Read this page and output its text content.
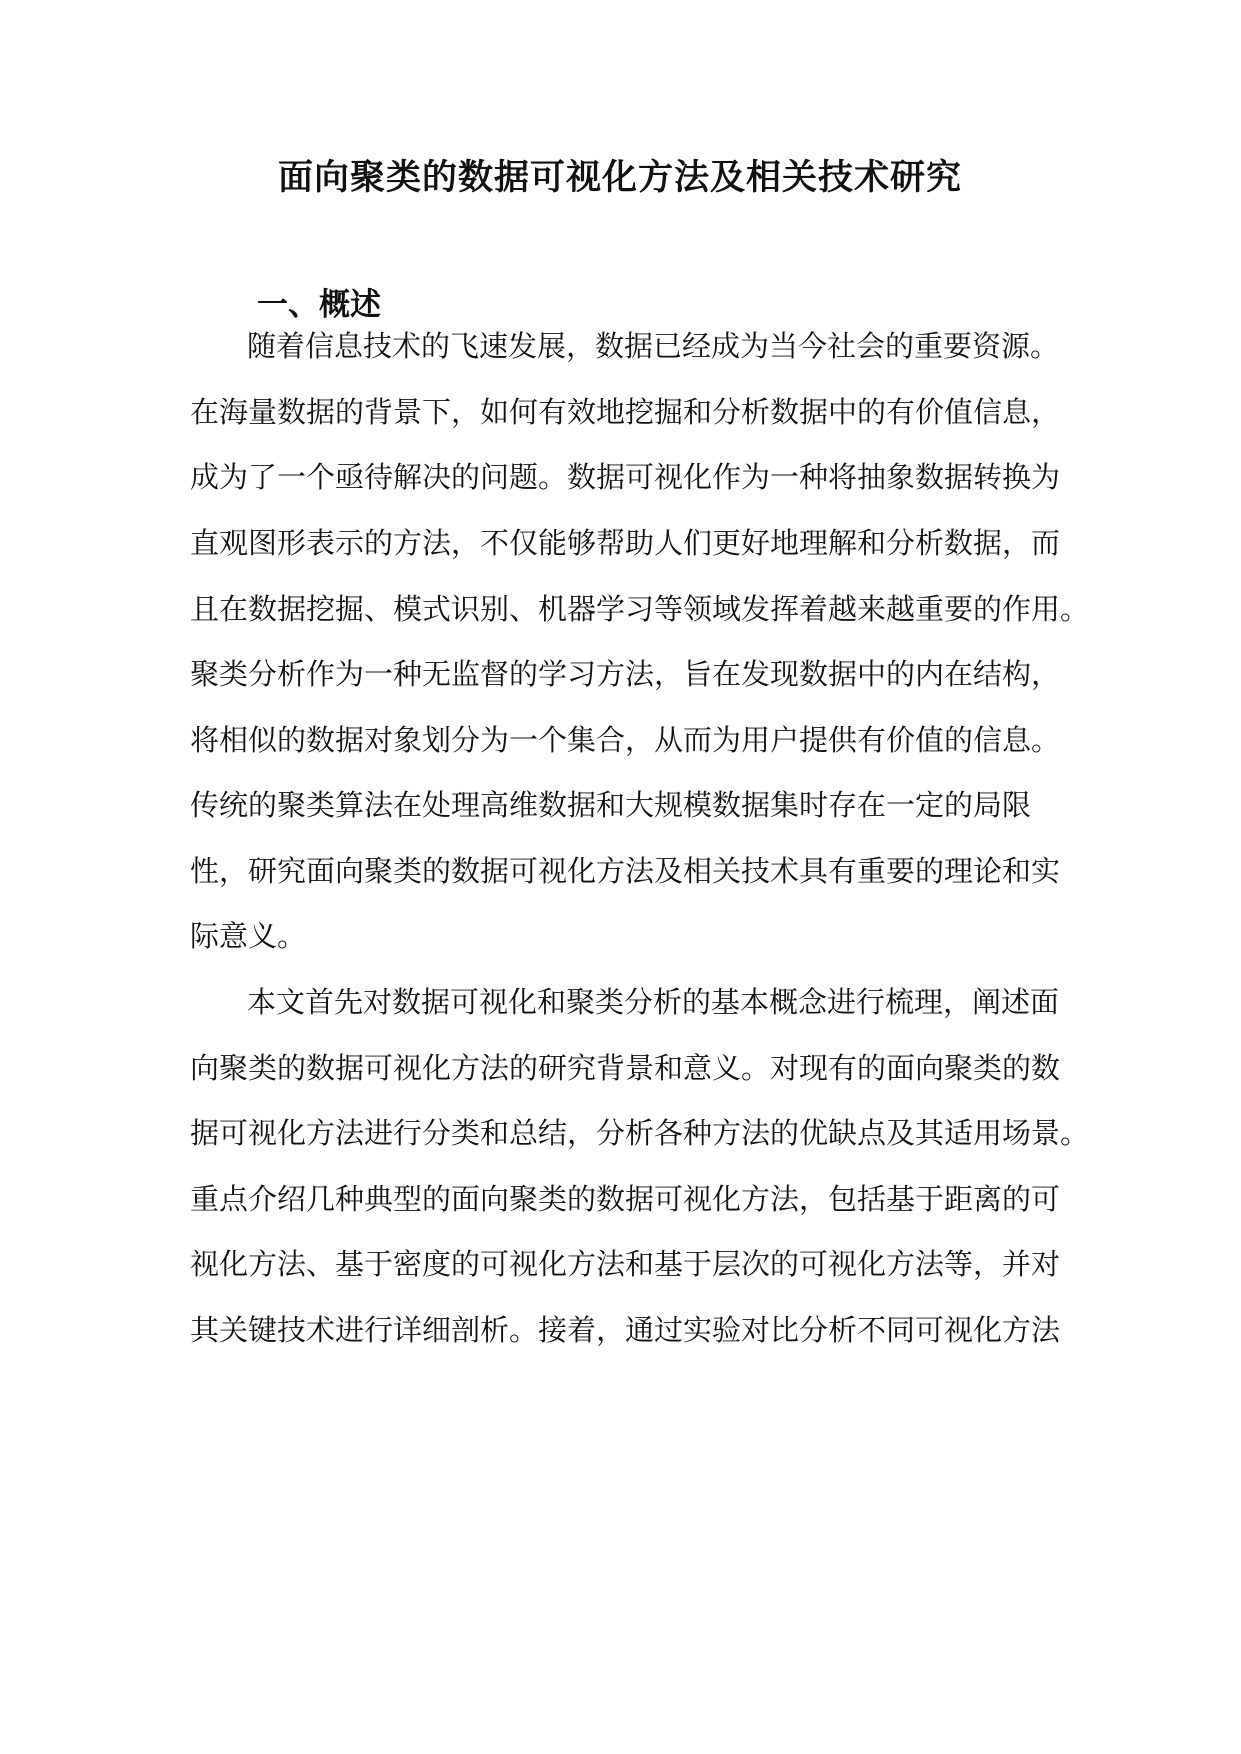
面向聚类的数据可视化方法及相关技术研究
一、概述

随着信息技术的飞速发展，数据已经成为当今社会的重要资源。

在海量数据的背景下，如何有效地挖掘和分析数据中的有价值信息，

成为了一个亟待解决的问题。数据可视化作为一种将抽象数据转换为

直观图形表示的方法，不仅能够帮助人们更好地理解和分析数据，而

且在数据挖掘、模式识别、机器学习等领域发挥着越来越重要的作用。

聚类分析作为一种无监督的学习方法，旨在发现数据中的内在结构，

将相似的数据对象划分为一个集合，从而为用户提供有价值的信息。

传统的聚类算法在处理高维数据和大规模数据集时存在一定的局限

性，研究面向聚类的数据可视化方法及相关技术具有重要的理论和实

际意义。

本文首先对数据可视化和聚类分析的基本概念进行梳理，阐述面

向聚类的数据可视化方法的研究背景和意义。对现有的面向聚类的数

据可视化方法进行分类和总结，分析各种方法的优缺点及其适用场景。

重点介绍几种典型的面向聚类的数据可视化方法，包括基于距离的可

视化方法、基于密度的可视化方法和基于层次的可视化方法等，并对

其关键技术进行详细剖析。接着，通过实验对比分析不同可视化方法
